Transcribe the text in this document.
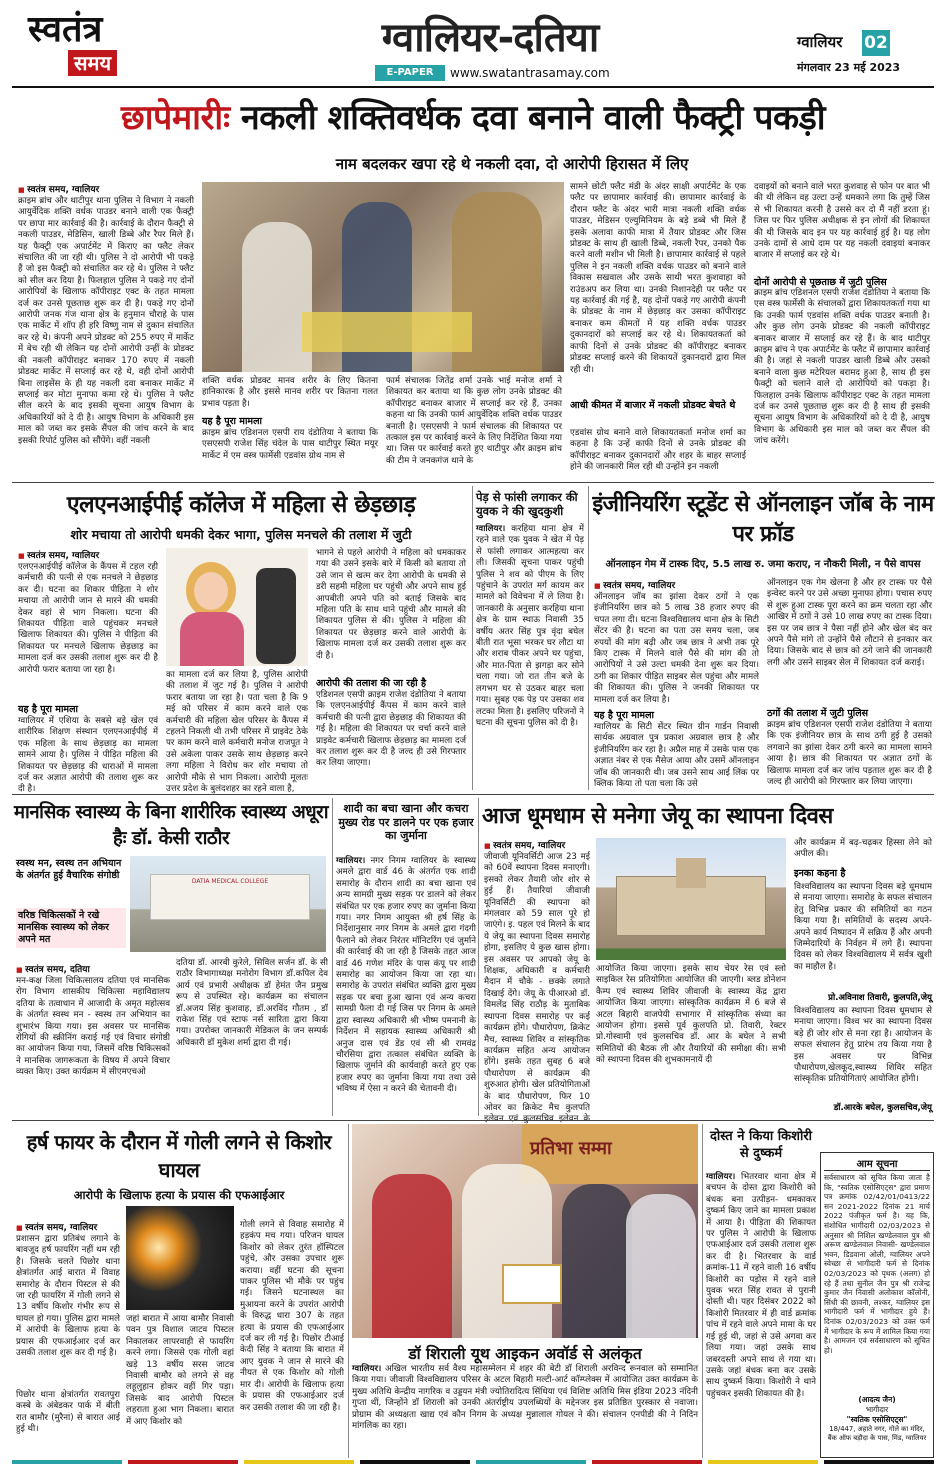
स्वतंत्र
समय
ग्वालियर-दतिया
E-PAPER	www.swatantrasamay.com
ग्वालियर 02
मंगलवार 23 मई 2023
छापेमारीः नकली शक्तिवर्धक दवा बनाने वाली फैक्ट्री पकड़ी
नाम बदलकर खपा रहे थे नकली दवा, दो आरोपी हिरासत में लिए
■ स्वतंत्र समय, ग्वालियर
क्राइम ब्रांच और थाटीपुर थाना पुलिस ने विभाग ने नकली आयुर्वेदिक शक्ति वर्धक पाउडर बनाने वाली एक फैक्ट्री पर छापा मार कार्रवाई की है। कार्रवाई के दौरान फैक्ट्री से नकली पाउडर, मेडिसिन, खाली डिब्बे और रैपर मिले हैं। यह फैक्ट्री एक अपार्टमेंट में किराए का फ्लैट लेकर संचालित की जा रही थी। पुलिस ने दो आरोपी भी पकड़े हैं जो इस फैक्ट्री को संचालित कर रहे थे। पुलिस ने फ्लैट को सील कर दिया है। फिलहाल पुलिस ने पकड़े गए दोनों आरोपियों के खिलाफ कॉपीराइट एक्ट के तहत मामला दर्ज कर उनसे पूछताछ शुरू कर दी है। पकड़े गए दोनों आरोपी जनक गंज थाना क्षेत्र के हनुमान चौराहे के पास एक मार्केट में शॉप ही हरि विष्णु नाम से दुकान संचालित कर रहे थे। कंपनी अपने प्रोडक्ट को 255 रुपए में मार्केट में बेच रही थी लेकिन यह दोनों आरोपी उन्हीं के प्रोडक्ट की नकली कॉपीराइट बनाकर 170 रुपए में नकली प्रोडक्ट मार्केट में सप्लाई कर रहे थे, वही दोनों आरोपी बिना लाइसेंस के ही यह नकली दवा बनाकर मार्केट में सप्लाई कर मोटा मुनाफा कमा रहे थे। पुलिस ने फ्लैट सील करने के बाद इसकी सूचना आयुष विभाग के अधिकारियों को दे दी है। आयुष विभाग के अधिकारी इस माल को जब्त कर इसके सैंपल की जांच करने के बाद इसकी रिपोर्ट पुलिस को सौंपेंगे। वहीं नकली
शक्ति वर्धक प्रोडक्ट मानव शरीर के लिए कितना हानिकारक है और इससे मानव शरीर पर कितना गलत प्रभाव पड़ता है।
यह है पूरा मामला
क्राइम ब्रांच एडिशनल एसपी राय दंडोतिया ने बताया कि एसएसपी राजेश सिंह चंदेल के पास थाटीपुर स्थित मयूर मार्केट में एम वस्त्र फार्मेसी एडवांस ग्रोथ नाम से
फार्म संचालक जितेंद्र शर्मा उनके भाई मनोज शर्मा ने शिकायत कर बताया था कि कुछ लोग उनके प्रोडक्ट की कॉपीराइट बनाकर बाजार में सप्लाई कर रहे हैं, उनका कहना था कि उनकी फार्म आयुर्वेदिक शक्ति वर्धक पाउडर बनाती है। एसएसपी ने फार्म संचालक की शिकायत पर तत्काल इस पर कार्रवाई करने के लिए निर्देशित किया गया था। जिस पर कार्रवाई करते हुए थाटीपुर और क्राइम ब्रांच की टीम ने जनकगंज थाने के
सामने छोटी फ्लैट मंडी के अंदर साक्षी अपार्टमेंट के एक फ्लैट पर छापामार कार्रवाई की। छापामार कार्रवाई के दौरान फ्लैट के अंदर भारी मात्रा नकली शक्ति वर्धक पाउडर, मेडिसन एल्युमिनियम के बड़े डब्बे भी मिले हैं इसके अलावा काफी मात्रा में तैयार प्रोडक्ट और जिस प्रोडक्ट के साथ ही खाली डिब्बे, नकली रैपर, उनको पैक करने वाली मशीन भी मिली है। छापामार कार्रवाई से पहले पुलिस ने इन नकली शक्ति वर्धक पाउडर को बनाने वाले विकास सखवाल और उसके साथी भरत कुशवाहा को राउंडअप कर लिया था। उनकी निशानदेही पर फ्लैट पर यह कार्रवाई की गई है, यह दोनों पकड़े गए आरोपी कंपनी के प्रोडक्ट के नाम में छेड़छाड़ कर उसका कॉपीराइट बनाकर कम कीमतों में यह शक्ति वर्धक पाउडर दुकानदारों को सप्लाई कर रहे थे। शिकायतकर्ता को काफी दिनों से उनके प्रोडक्ट की कॉपीराइट बनाकर प्रोडक्ट सप्लाई करने की शिकायतें दुकानदारों द्वारा मिल रही थी।
आधी कीमत में बाजार में नकली प्रोडक्ट बेचते थे
एडवांस ग्रोथ बनाने वाले शिकायतकर्ता मनोज शर्मा का कहना है कि उन्हें काफी दिनों से उनके प्रोडक्ट की कॉपीराइट बनाकर दुकानदारों और शहर के बाहर सप्लाई होने की जानकारी मिल रही थी उन्होंने इन नकली
दवाइयों को बनाने वाले भरत कुशवाह से फोन पर बात भी की थी लेकिन वह उल्टा उन्हें धमकाने लगा कि तुम्हें जिस से भी शिकायत करनी है उससे कर दो मैं नहीं डरता हूं। जिस पर फिर पुलिस अधीक्षक से इन लोगों की शिकायत की थी जिसके बाद इन पर यह कार्रवाई हुई है। यह लोग उनके दामों से आधे दाम पर यह नकली दवाइयां बनाकर बाजार में सप्लाई कर रहे थे।
दोनों आरोपी से पूछताछ में जुटी पुलिस
क्राइम ब्रांच एडिशनल एसपी राजेश दंडोतिया ने बताया कि एस वस्त्र फार्मेसी के संचालकों द्वारा शिकायतकर्ता गया था कि उनकी फार्म एडवांस शक्ति वर्धक पाउडर बनाती है। और कुछ लोग उनके प्रोडक्ट की नकली कॉपीराइट बनाकर बाजार में सप्लाई कर रहे हैं। के बाद थाटीपुर क्राइम ब्रांच ने एक अपार्टमेंट के फ्लैट में छापामार कार्रवाई की है। जहां से नकली पाउडर खाली डिब्बे और उसको बनाने वाला कुछ मटेरियल बरामद हुआ है, साथ ही इस फैक्ट्री को चलाने वाले दो आरोपियों को पकड़ा है। फिलहाल उनके खिलाफ कॉपीराइट एक्ट के तहत मामला दर्ज कर उनसे पूछताछ शुरू कर दी है साथ ही इसकी सूचना आयुष विभाग के अधिकारियों को दे दी है, आयुष विभाग के अधिकारी इस माल को जब्त कर सैंपल की जांच करेंगे।
एलएनआईपीई कॉलेज में महिला से छेड़छाड़
शोर मचाया तो आरोपी धमकी देकर भागा, पुलिस मनचले की तलाश में जुटी
■ स्वतंत्र समय, ग्वालियर
एलएनआईपीई कॉलेज के कैंपस में टहल रही कर्मचारी की पत्नी से एक मनचले ने छेड़छाड़ कर दी। घटना का शिकार पीड़िता ने शोर मचाया तो आरोपी जान से मारने की धमकी देकर वहां से भाग निकला। घटना की शिकायत पीड़िता वाले पहुंचकर मनचले खिलाफ शिकायत की। पुलिस ने पीड़िता की शिकायत पर मनचले खिलाफ छेड़छाड़ का मामला दर्ज कर उसकी तलाश शुरू कर दी है आरोपी फरार बताया जा रहा है।
यह है पूरा मामला
ग्वालियर में एशिया के सबसे बड़े खेल एवं शारीरिक शिक्षण संस्थान एलएनआईपीई में एक महिला के साथ छेड़छाड़ का मामला सामने आया है। पुलिस ने पीड़ित महिला की शिकायत पर छेड़छाड़ की धाराओं में मामला दर्ज कर अज्ञात आरोपी की तलाश शुरू कर दी है।
का मामला दर्ज कर लिया है, पुलिस आरोपी की तलाश में जुट गई है। पुलिस ने आरोपी फरार बताया जा रहा है। पता चला है कि 9 मई को परिसर में काम करने वाले एक कर्मचारी की महिला खेल परिसर के कैंपस में टहलने निकली थी तभी परिसर में प्राइवेट ठेके पर काम करने वाले कर्मचारी मनोज राजपूत ने उसे अकेला पाकर उसके साथ छेड़छाड़ करने लगा महिला ने विरोध कर शोर मचाया तो आरोपी मौके से भाग निकला। आरोपी मूलतः उत्तर प्रदेश के बुलंदशहर का रहने वाला है,
भागने से पहले आरोपी ने महिला को धमकाकर गया की उसने इसके बारे में किसी को बताया तो उसे जान से खत्म कर देगा आरोपी के धमकी से डरी सहमी महिला घर पहुंची और अपने साथ हुई आपबीती अपने पति को बताई जिसके बाद महिला पति के साथ थाने पहुंची और मामले की शिकायत पुलिस से की। पुलिस ने महिला की शिकायत पर छेड़छाड़ करने वाले आरोपी के खिलाफ मामला दर्ज कर उसकी तलाश शुरू कर दी है।
आरोपी की तलाश की जा रही है
एडिशनल एसपी क्राइम राजेश दंडोतिया ने बताया कि एलएनआईपीई कैंपस में काम करने वाले कर्मचारी की पत्नी द्वारा छेड़छाड़ की शिकायत की गई है। महिला की शिकायत पर चर्चा करने वाले प्राइवेट कर्मचारी खिलाफ छेड़छाड़ का मामला दर्ज कर तलाश शुरू कर दी है जल्द ही उसे गिरफ्तार कर लिया जाएगा।
पेड़ से फांसी लगाकर की युवक ने की खुदकुशी
ग्वालियर। करहिया थाना क्षेत्र में रहने वाले एक युवक ने खेत में पेड़ से फांसी लगाकर आत्महत्या कर ली। जिसकी सूचना पाकर पहुंची पुलिस ने शव को पीएम के लिए पहुंचाने के उपरांत मर्ग कायम कर मामले को विवेचना में ले लिया है। जानकारी के अनुसार करहिया थाना क्षेत्र के ग्राम स्थाऊ निवासी 35 वर्षीय अतर सिंह पुत्र वृंदा बघेल बीती रात भूसा भरकर घर लौटा था और शराब पीकर अपने घर पहुंचा, और मात-पिता से झगड़ा कर सोने चला गया। जो रात तीन बजे के लगभग घर से उठकर बाहर चला गया। सुबह एक पेड़ पर उसका शव लटका मिला है। इसलिए परिजनों ने घटना की सूचना पुलिस को दी है।
इंजीनियरिंग स्टूडेंट से ऑनलाइन जॉब के नाम पर फ्रॉड
ऑनलाइन गेम में टास्क दिए, 5.5 लाख रु. जमा कराए, न नौकरी मिली, न पैसे वापस
■ स्वतंत्र समय, ग्वालियर
ऑनलाइन जॉब का झांसा देकर ठगों ने एक इंजीनियरिंग छात्र को 5 लाख 38 हजार रुपए की चपत लगा दी। घटना विश्वविद्यालय थाना क्षेत्र के सिटी सेंटर की है। घटना का पता उस समय चला, जब रुपयों की मांग बढ़ी और जब छात्र ने अभी तक पूरे किए टास्क में मिलने वाले पैसे की मांग की तो आरोपियों ने उसे उल्टा धमकी देना शुरू कर दिया। ठगी का शिकार पीड़ित साइबर सेल पहुंचा और मामले की शिकायत की। पुलिस ने जनकी शिकायत पर मामला दर्ज कर लिया है।
यह है पूरा मामला
ग्वालियर के सिटी सेंटर स्थित ग्रीन गार्डन निवासी सार्थक अग्रवाल पुत्र प्रकाश अग्रवाल छात्र है और इंजीनियरिंग कर रहा है। अप्रैल माह में उसके पास एक अज्ञात नंबर से एक मैसेज आया और उसमें ऑनलाइन जॉब की जानकारी थी। जब उसने साथ आई लिंक पर क्लिक किया तो पता चला कि उसे
ऑनलाइन एक गेम खेलना है और हर टास्क पर पैसे इन्वेस्ट करने पर उसे अच्छा मुनाफा होगा। पचास रुपए से शुरू हुआ टास्क पूरा करने का क्रम चलता रहा और आखिर में ठगों ने उसे 10 लाख रुपए का टास्क दिया। इस पर जब छात्र ने पैसा नहीं होने और खेल बंद कर अपने पैसे मांगे तो उन्होंने पैसे लौटाने से इनकार कर दिया। जिसके बाद से छात्र को ठगे जाने की जानकारी लगी और उसने साइबर सेल में शिकायत दर्ज कराई।
ठगों की तलाश में जुटी पुलिस
क्राइम ब्रांच एडिशनल एसपी राजेश दंडोतिया ने बताया कि एक इंजीनियर छात्र के साथ ठगी हुई है उसको लगवाने का झांसा देकर ठगी करने का मामला सामने आया है। छात्र की शिकायत पर अज्ञात ठगों के खिलाफ मामला दर्ज कर जांच पड़ताल शुरू कर दी है जल्द ही आरोपी को गिरफ्तार कर लिया जाएगा।
मानसिक स्वास्थ्य के बिना शारीरिक स्वास्थ्य अधूरा हैः डॉ. केसी राठौर
स्वस्थ मन, स्वस्थ तन अभियान के अंतर्गत हुई वैचारिक संगोष्ठी
वरिष्ठ चिकित्सकों ने रखे मानसिक स्वास्थ्य को लेकर अपने मत
DATIA MEDICAL COLLEGE
■ स्वतंत्र समय, दतिया
मन-कक्ष जिला चिकित्सालय दतिया एवं मानसिक रोग विभाग शासकीय चिकित्सा महाविद्यालय दतिया के तत्वाधान में आजादी के अमृत महोत्सव के अंतर्गत स्वस्थ मन - स्वस्थ तन अभियान का शुभारंभ किया गया। इस अवसर पर मानसिक रोगियों की स्क्रीनिंग कराई गई एवं विचार संगोष्ठी का आयोजन किया गया, जिसमें वरिष्ठ चिकित्सकों ने मानसिक जागरूकता के विषय में अपने विचार व्यक्त किए। उक्त कार्यक्रम में सीएमएचओ
दतिया डॉ. आरबी कुरेले, सिविल सर्जन डॉ. के सी राठौर विभागाध्यक्ष मनोरोग विभाग डॉ.कपिल देव आर्य एवं प्रभारी अधीक्षक डॉ हेमंत जैन प्रमुख रूप से उपस्थित रहे। कार्यक्रम का संचालन डॉ.अजय सिंह कुशवाह, डॉ.अरविंद गौतम , डॉ राकेश सिंह एवं स्टाफ नर्स सारिता द्वारा किया गया। उपरोक्त जानकारी मेडिकल के जन सम्पर्क अधिकारी डॉ मुकेश शर्मा द्वारा दी गई।
शादी का बचा खाना और कचरा मुख्य रोड पर डालने पर एक हजार का जुर्माना
ग्वालियर। नगर निगम ग्वालियर के स्वास्थ्य अमले द्वारा वार्ड 46 के अंतर्गत एक शादी समारोह के दौरान शादी का बचा खाना एवं अन्य सामग्री मुख्य सड़क पर डालने को लेकर संबंधित पर एक हजार रुपए का जुर्माना किया गया। नगर निगम आयुक्त श्री हर्ष सिंह के निर्देशानुसार नगर निगम के अमले द्वारा गंदगी फैलाने को लेकर निरंतर मॉनिटरिंग एवं जुर्माने की कार्रवाई की जा रही है जिसके तहत आज वार्ड 46 गणेश मंदिर के पास कंपू पर शादी समारोह का आयोजन किया जा रहा था। समारोह के उपरांत संबंधित व्यक्ति द्वारा मुख्य सड़क पर बचा हुआ खाना एवं अन्य कचरा सामग्री फैला दी गई जिस पर निगम के अमले द्वारा स्वास्थ्य अधिकारी श्री भीष्म पमनानी के निर्देशन में सहायक स्वास्थ्य अधिकारी श्री अनुज दास एवं डेंड एवं सी श्री रामवंद्र चौरसिया द्वारा तत्काल संबंधित व्यक्ति के खिलाफ जुर्माने की कार्यवाही करते हुए एक हजार रुपए का जुर्माना किया गया तथा उसे भविष्य में ऐसा न करने की चेतावनी दी।
आज धूमधाम से मनेगा जेयू का स्थापना दिवस
■ स्वतंत्र समय, ग्वालियर
जीवाजी यूनिवर्सिटी आज 23 मई को 60वें स्थापना दिवस मनाएगी। इसको लेकर तैयारी जोर शोर से हुई हैं। तैयारियां जीवाजी यूनिवर्सिटी की स्थापना को मंगलवार को 59 साल पूरे हो जाएंगे। इ. पहल एवं मिलने के बाद ये जेयू का स्थापना दिवस समारोह होगा, इसलिए ये कुछ खास होगा। इस अवसर पर आपको जेयू के शिक्षक, अधिकारी व कर्मचारी मैदान में चौके - छक्के लगाते दिखाई देंगे। जेयू के पीआरओ डॉ. विमलेंद्र सिंह राठौड़ के मुताबिक स्थापना दिवस समारोह पर कई कार्यक्रम होंगे। पौधारोपण, क्रिकेट मैच, स्वास्थ्य शिविर व सांस्कृतिक कार्यक्रम सहित अन्य आयोजन होंगे। इसके तहत सुबह 6 बजे पौधारोपण से कार्यक्रम की शुरुआत होगी। खेल प्रतियोगिताओं के बाद पौधारोपण, फिर 10 ओवर का क्रिकेट मैच कुलपति
आयोजित किया जाएगा। इसके साथ चेयर रेस एवं स्लो साइकिल रेस प्रतियोगिता आयोजित की जाएगी। ब्लड डोनेशन कैम्प एवं स्वास्थ्य शिविर जीवाजी के स्वास्थ्य केंद्र द्वारा आयोजित किया जाएगा। सांस्कृतिक कार्यक्रम में 6 बजे से अटल बिहारी वाजपेयी सभागार में सांस्कृतिक संध्या का आयोजन होगा। इससे पूर्व कुलपति प्रो. तिवारी, रेक्टर प्रो.गोस्वामी एवं कुलसचिव डॉ. आर के बघेल ने सभी समितियों की बैठक ली और तैयारियों की समीक्षा की। सभी को स्थापना दिवस की शुभकामनायें दी
और कार्यक्रम में बढ़-चढ़कर हिस्सा लेने को अपील की।
इनका कहना है
विश्वविद्यालय का स्थापना दिवस बड़े धूमधाम से मनाया जाएगा। समारोह के सफल संचालन हेतु विभिन्न प्रकार की समितियों का गठन किया गया है। समितियों के सदस्य अपने-अपने कार्य निष्पादन में सक्रिय हैं और अपनी जिम्मेदारियों के निर्वहन में लगे हैं। स्थापना दिवस को लेकर विश्वविद्यालय में सर्वत्र खुशी का माहौल है।
प्रो.अविनाश तिवारी, कुलपति,जेयू
विश्वविद्यालय का स्थापना दिवस धूमधाम से मनाया जाएगा। विश्व भर का स्थापना दिवस बड़े ही जोर शोर से मना रहा है। आयोजन के सफल संचालन हेतु प्रारंभ तय किया गया है इस अवसर पर विभिन्न पौधारोपण,खेलकूद,स्वास्थ्य शिविर सहित सांस्कृतिक प्रतियोगिताएं आयोजित होंगी।
डॉ.आरके बघेल, कुलसचिव,जेयू
हर्ष फायर के दौरान में गोली लगने से किशोर घायल
आरोपी के खिलाफ हत्या के प्रयास की एफआईआर
■ स्वतंत्र समय, ग्वालियर
प्रशासन द्वारा प्रतिबंध लगाने के बावजूद हर्ष फायरिंग नहीं थम रही है। जिसके चलते पिछोर थाना क्षेत्रांतर्गत आई बारात में विवाह समारोह के दौरान पिस्टल से की जा रही फायरिंग में गोली लगने से 13 वर्षीय किशोर गंभीर रूप से घायल हो गया। पुलिस द्वारा मामले में आरोपी के खिलाफ हत्या के प्रयास की एफआईआर दर्ज कर उसकी तलाश शुरू कर दी गई है।
पिछोर थाना क्षेत्रांतर्गत रावतपुरा कस्बे के अंबेडकर पार्क में बीती रात बामौर (मुरैना) से बारात आई हुई थी।
जहां बारात में आया बामौर निवासी पवन पुत्र विशाल जाटव पिस्टल निकालकर लापरवाही से फायरिंग करने लगा। जिससे एक गोली वहां खड़े 13 वर्षीय सरस जाटव निवासी बामौर को लगने से वह लहूलुहान होकर वहीं गिर पड़ा। जिसके बाद आरोपी पिस्टल लहराता हुआ भाग निकला। बारात में आए किशोर को
गोली लगने से विवाह समारोह में हड़कंप मच गया। परिजन घायल किशोर को लेकर तुरंत हॉस्पिटल पहुंचे, और उसका उपचार शुरू कराया। वहीं घटना की सूचना पाकर पुलिस भी मौके पर पहुंच गई। जिसने घटनास्थल का मुआयना करने के उपरांत आरोपी के विरुद्ध धारा 307 के तहत हत्या के प्रयास की एफआईआर दर्ज कर ली गई है। पिछोर टीआई केदी सिंह ने बताया कि बारात में आए युवक ने जान से मारने की नीयत से एक किशोर को गोली मार दी। आरोपी के खिलाफ हत्या के प्रयास की एफआईआर दर्ज कर उसकी तलाश की जा रही है।
प्रतिभा सम्मा
डॉ शिराली यूथ आइकन अवॉर्ड से अलंकृत
ग्वालियर। अखिल भारतीय सर्व वैश्य महासम्मेलन में शहर की बेटी डॉ शिराली अरविन्द रूनवाल को सम्मानित किया गया। जीवाजी विश्वविद्यालय परिसर के अटल बिहारी मल्टी-आर्ट कॉम्प्लेक्स में आयोजित उक्त कार्यक्रम के मुख्य अतिथि केन्द्रीय नागरिक व उड्डयन मंत्री ज्योतिरादित्य सिंधिया एवं विशिष्ट अतिथि मिस इंडिया 2023 नंदिनी गुप्ता थीं, जिन्होंने डॉ शिराली को उनकी अंतर्राष्ट्रीय उपलब्धियों के मद्देनजर इस प्रतिष्ठित पुरस्कार से नवाजा। प्रोग्राम की अध्यक्षता खाद्य एवं कौन निगम के अध्यक्ष मुन्नालाल गोयल ने की। संचालन एनपीडी की ने निदिन मांगलिक का रहा।
दोस्त ने किया किशोरी से दुष्कर्म
ग्वालियर। भितरवार थाना क्षेत्र में बचपन के दोस्त द्वारा किशोरी को बंधक बना उत्पीड़न- धमकाकर दुष्कर्म किए जाने का मामला प्रकाश में आया है। पीड़िता की शिकायत पर पुलिस ने आरोपी के खिलाफ एफआईआर दर्ज उसकी तलाश शुरू कर दी है। भितरवार के वार्ड क्रमांक-11 में रहने वाली 16 वर्षीय किशोरी का पड़ोस में रहने वाले युवक भरत सिंह रावत से पुरानी दोस्ती थी। पहर दिसंबर 2022 को किशोरी मितरवार में ही वार्ड क्रमांक पांच में रहने वाले अपने मामा के घर गई हुई थी, जहां से उसे अगवा कर लिया गया। जहां उसके साथ जबरदस्ती अपने साथ ले गया था। उसके जहां बंधक बना कर उसके साथ दुष्कर्म किया। किशोरी ने थाने पहुंचकर इसकी शिकायत की है।
आम सूचना
सर्वसाधारण को सूचित किया जाता है कि, "स्वतिक एसोसिएट्स" द्वारा प्रमाण पत्र क्रमांक 02/42/01/0413/22 सन 2021-2022 दिनांक 21 मार्च 2022 पंजीकृत फर्म है। यह कि, संशोधित भागीदारी 02/03/2023 से अनुसार श्री निशिल खण्डेलवाल पुत्र श्री अरूण खण्डेलवाल निवासी- खण्डेलवाल भवन, डिडवाना ओली, ग्वालियर अपने स्वेच्छा से भागीदारी फर्म से दिनांक 02/03/2023 को पृथक (अलग) हो रहे हैं तथा सुनील जैन पुत्र श्री राजेन्द्र कुमार जैन निवासी अलोकाश कॉलोनी, सिंधी की छावनी, लश्कर, ग्वालियर इस भागीदारी फर्म में भागीदार हुये हैं। दिनांक 02/03/2023 को उक्त फर्म में भागीदार के रूप में शामिल किया गया है। आमजन एवं सर्वसाधारण को सूचित हो।
(आदत्य जैन)
भागीदार
"स्वतिक एसोसिएट्स"
18/447, अहाते नगर, गोले का मंदिर, बैंक ऑफ बड़ौदा के पास, मिंड, ग्वालियर
